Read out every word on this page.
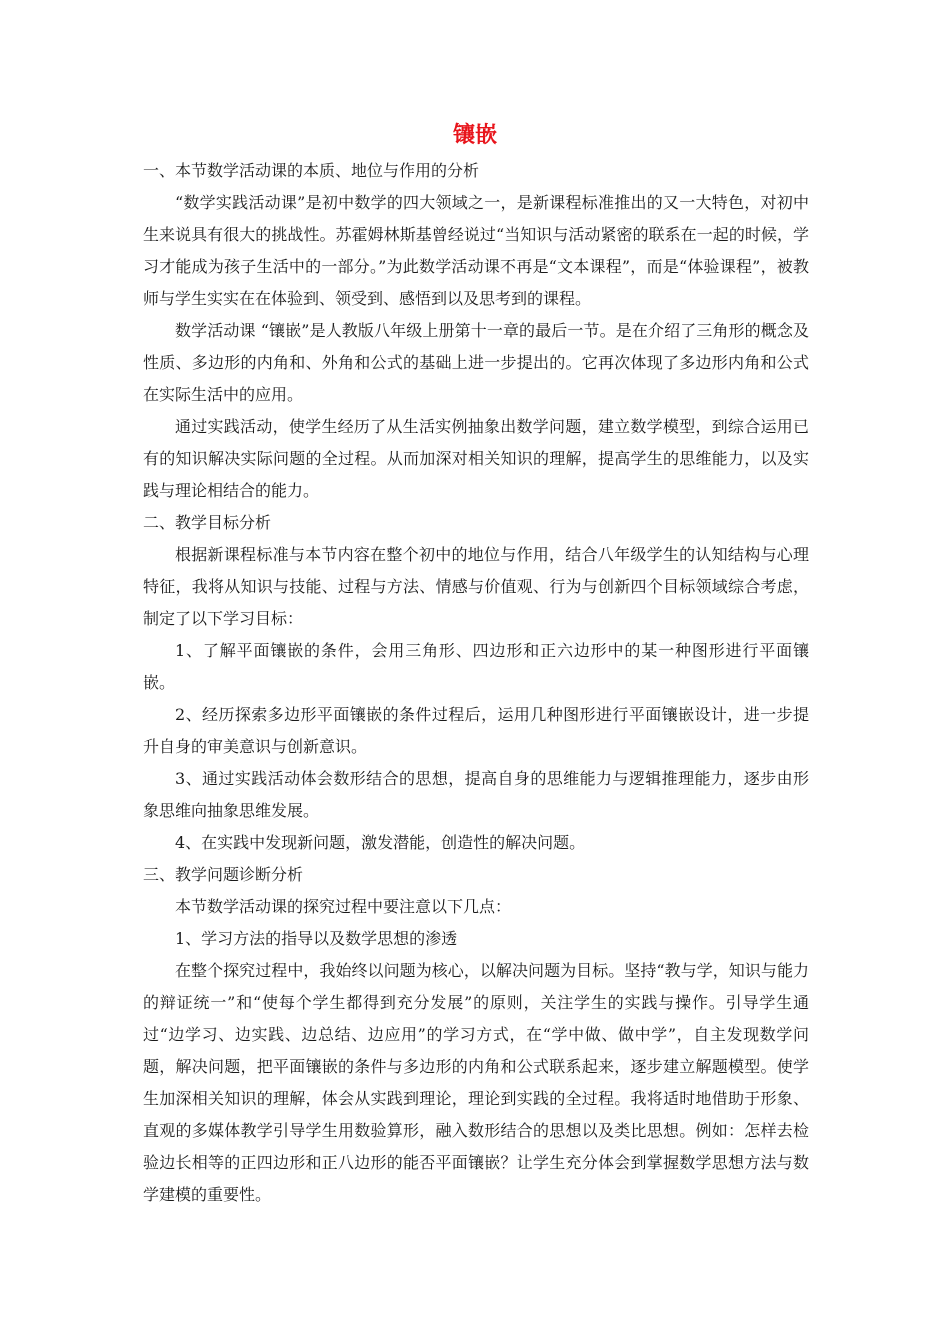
镶嵌

一、本节数学活动课的本质、地位与作用的分析

“数学实践活动课”是初中数学的四大领域之一，是新课程标准推出的又一大特色，对初中生来说具有很大的挑战性。苏霍姆林斯基曾经说过“当知识与活动紧密的联系在一起的时候，学习才能成为孩子生活中的一部分。”为此数学活动课不再是“文本课程”，而是“体验课程”，被教师与学生实实在在体验到、领受到、感悟到以及思考到的课程。

数学活动课 “镶嵌”是人教版八年级上册第十一章的最后一节。是在介绍了三角形的概念及性质、多边形的内角和、外角和公式的基础上进一步提出的。它再次体现了多边形内角和公式在实际生活中的应用。

通过实践活动，使学生经历了从生活实例抽象出数学问题，建立数学模型，到综合运用已有的知识解决实际问题的全过程。从而加深对相关知识的理解，提高学生的思维能力，以及实践与理论相结合的能力。

二、教学目标分析

根据新课程标准与本节内容在整个初中的地位与作用，结合八年级学生的认知结构与心理特征，我将从知识与技能、过程与方法、情感与价值观、行为与创新四个目标领域综合考虑，制定了以下学习目标：

1、了解平面镶嵌的条件，会用三角形、四边形和正六边形中的某一种图形进行平面镶嵌。

2、经历探索多边形平面镶嵌的条件过程后，运用几种图形进行平面镶嵌设计，进一步提升自身的审美意识与创新意识。

3、通过实践活动体会数形结合的思想，提高自身的思维能力与逻辑推理能力，逐步由形象思维向抽象思维发展。

4、在实践中发现新问题，激发潜能，创造性的解决问题。

三、教学问题诊断分析

本节数学活动课的探究过程中要注意以下几点：

1、学习方法的指导以及数学思想的渗透

在整个探究过程中，我始终以问题为核心，以解决问题为目标。坚持“教与学，知识与能力的辩证统一”和“使每个学生都得到充分发展”的原则，关注学生的实践与操作。引导学生通过“边学习、边实践、边总结、边应用”的学习方式，在“学中做、做中学”，自主发现数学问题，解决问题，把平面镶嵌的条件与多边形的内角和公式联系起来，逐步建立解题模型。使学生加深相关知识的理解，体会从实践到理论，理论到实践的全过程。我将适时地借助于形象、直观的多媒体教学引导学生用数验算形，融入数形结合的思想以及类比思想。例如：怎样去检验边长相等的正四边形和正八边形的能否平面镶嵌？让学生充分体会到掌握数学思想方法与数学建模的重要性。
